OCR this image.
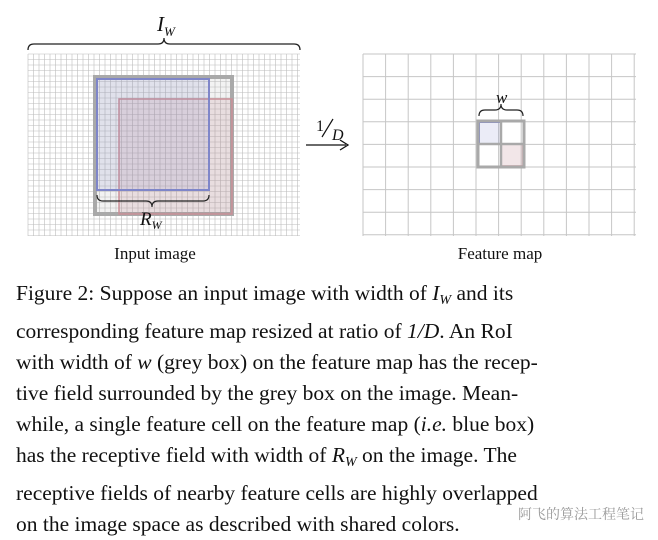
$I_W$
$R_W$
Input image
1
D
w
Feature map
Figure 2: Suppose an input image with width of $I_W$ and its
corresponding feature map resized at ratio of 1/D. An RoI
with width of w (grey box) on the feature map has the recep-
tive field surrounded by the grey box on the image. Mean-
while, a single feature cell on the feature map (i.e. blue box)
has the receptive field with width of $R_W$ on the image. The
receptive fields of nearby feature cells are highly overlapped
on the image space as described with shared colors.	阿飞的算法工程笔记
